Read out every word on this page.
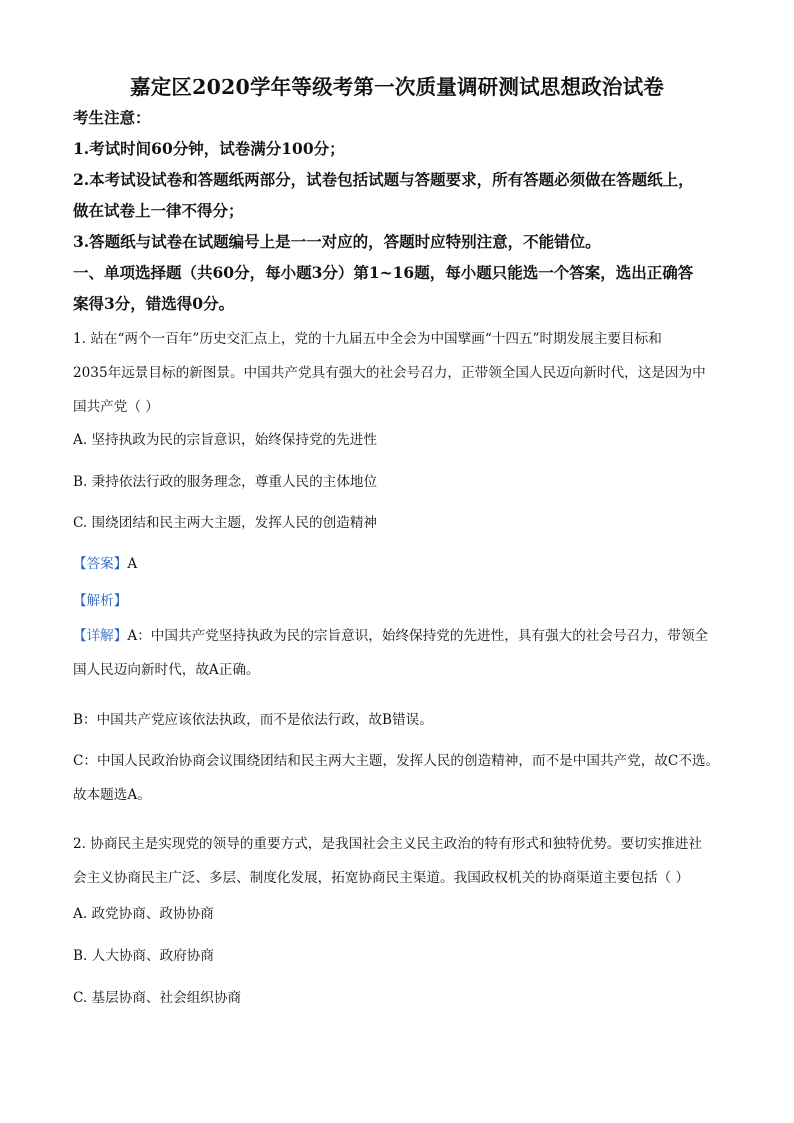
嘉定区2020学年等级考第一次质量调研测试思想政治试卷
考生注意：
1.考试时间60分钟，试卷满分100分；
2.本考试设试卷和答题纸两部分，试卷包括试题与答题要求，所有答题必须做在答题纸上，
做在试卷上一律不得分；
3.答题纸与试卷在试题编号上是一一对应的，答题时应特别注意，不能错位。
一、单项选择题（共60分，每小题3分）第1~16题，每小题只能选一个答案，选出正确答
案得3分，错选得0分。
1. 站在“两个一百年”历史交汇点上，党的十九届五中全会为中国擘画“十四五”时期发展主要目标和
2035年远景目标的新图景。中国共产党具有强大的社会号召力，正带领全国人民迈向新时代，这是因为中
国共产党（ ）
A. 坚持执政为民的宗旨意识，始终保持党的先进性
B. 秉持依法行政的服务理念，尊重人民的主体地位
C. 围绕团结和民主两大主题，发挥人民的创造精神
【答案】A
【解析】
【详解】A：中国共产党坚持执政为民的宗旨意识，始终保持党的先进性，具有强大的社会号召力，带领全
国人民迈向新时代，故A正确。
B：中国共产党应该依法执政，而不是依法行政，故B错误。
C：中国人民政治协商会议围绕团结和民主两大主题，发挥人民的创造精神，而不是中国共产党，故C不选。
故本题选A。
2. 协商民主是实现党的领导的重要方式，是我国社会主义民主政治的特有形式和独特优势。要切实推进社
会主义协商民主广泛、多层、制度化发展，拓宽协商民主渠道。我国政权机关的协商渠道主要包括（ ）
A. 政党协商、政协协商
B. 人大协商、政府协商
C. 基层协商、社会组织协商
